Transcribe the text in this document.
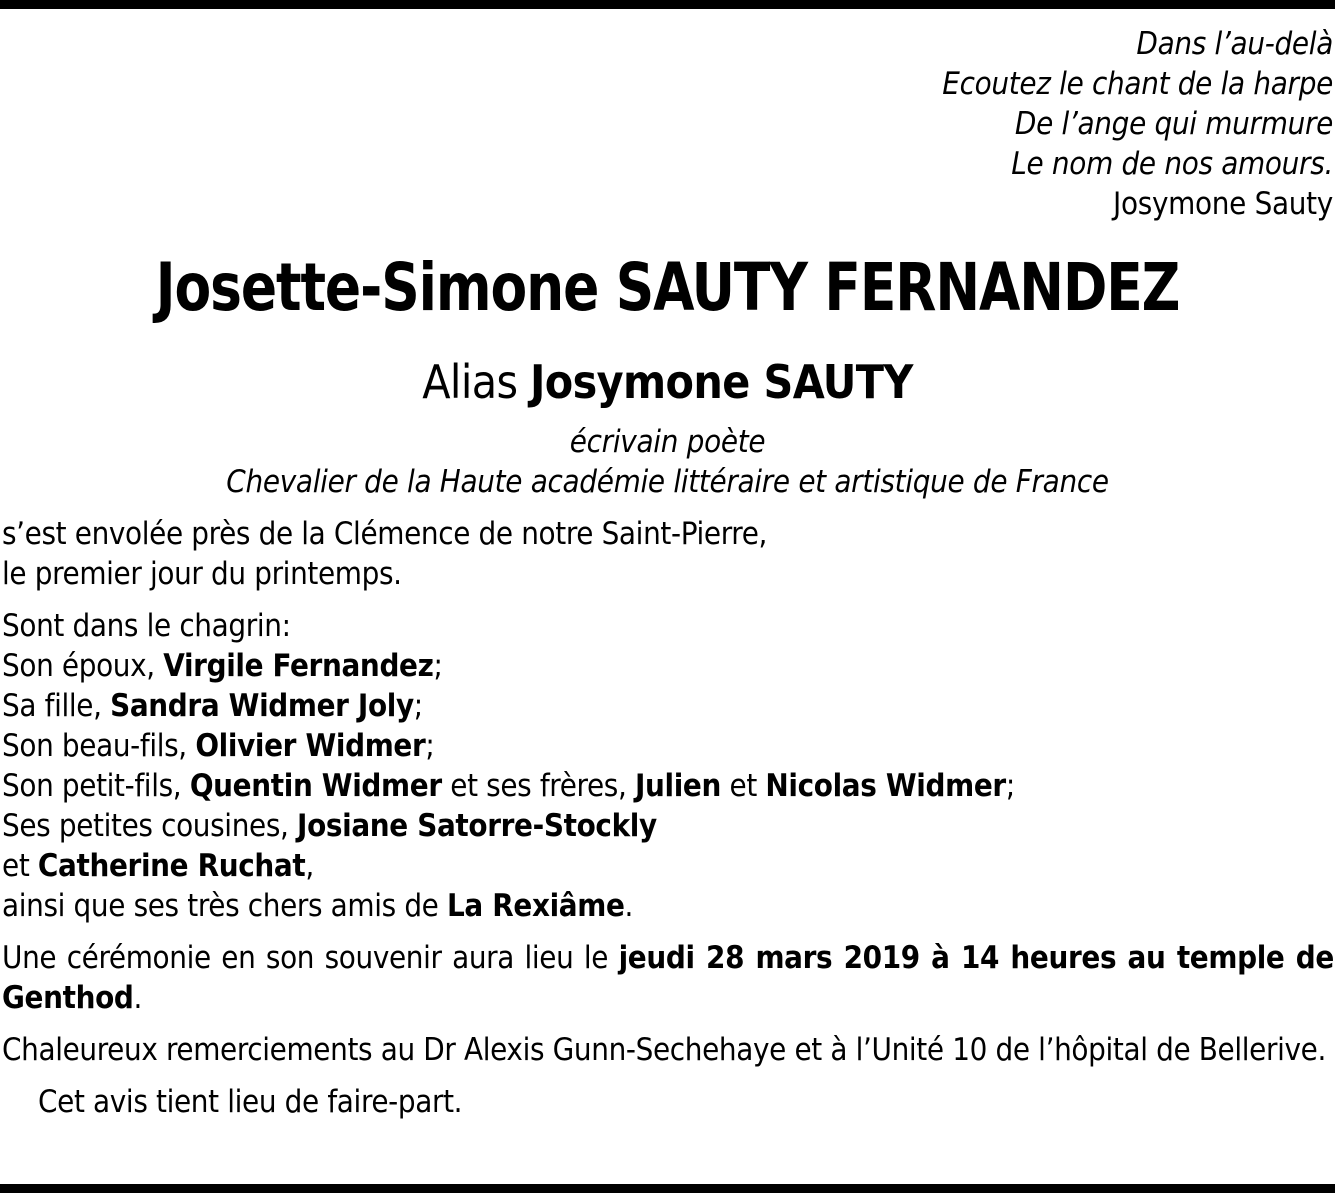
Dans l’au-delà
Ecoutez le chant de la harpe
De l’ange qui murmure
Le nom de nos amours.
Josymone Sauty
Josette-Simone SAUTY FERNANDEZ
Alias Josymone SAUTY
écrivain poète
Chevalier de la Haute académie littéraire et artistique de France

s’est envolée près de la Clémence de notre Saint-Pierre,
le premier jour du printemps.

Sont dans le chagrin:
Son époux, Virgile Fernandez;
Sa fille, Sandra Widmer Joly;
Son beau-fils, Olivier Widmer;
Son petit-fils, Quentin Widmer et ses frères, Julien et Nicolas Widmer;
Ses petites cousines, Josiane Satorre-Stockly
et Catherine Ruchat,
ainsi que ses très chers amis de La Rexiâme.

Une cérémonie en son souvenir aura lieu le jeudi 28 mars 2019 à 14 heures au temple de Genthod.

Chaleureux remerciements au Dr Alexis Gunn-Sechehaye et à l’Unité 10 de l’hôpital de Bellerive.

Cet avis tient lieu de faire-part.
